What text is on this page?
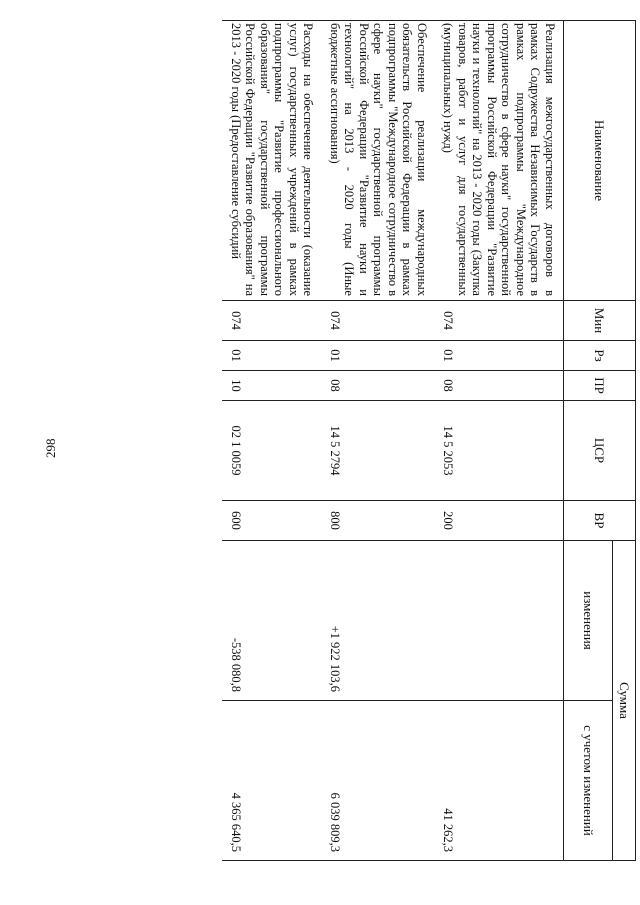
298
Наименование	Мин	Рз	ПР	ЦСР	ВР	Сумма	
						изменения	с учетом изменений
Реализация межгосударственных договоров в рамках Содружества Независимых Государств в рамках подпрограммы "Международное сотрудничество в сфере науки" государственной программы Российской Федерации "Развитие науки и технологий" на 2013 - 2020 годы (Закупка товаров, работ и услуг для государственных (муниципальных) нужд)	074	01	08	14 5 2053	200		41 262,3
Обеспечение реализации международных обязательств Российской Федерации в рамках подпрограммы "Международное сотрудничество в сфере науки" государственной программы Российской Федерации "Развитие науки и технологий" на 2013 - 2020 годы (Иные бюджетные ассигнования)	074	01	08	14 5 2794	800	+1 922 103,6	6 039 809,3
Расходы на обеспечение деятельности (оказание услуг) государственных учреждений в рамках подпрограммы "Развитие профессионального образования" государственной программы Российской Федерации "Развитие образования" на 2013 - 2020 годы (Предоставление субсидий	074	01	10	02 1 0059	600	-538 080,8	4 365 640,5
